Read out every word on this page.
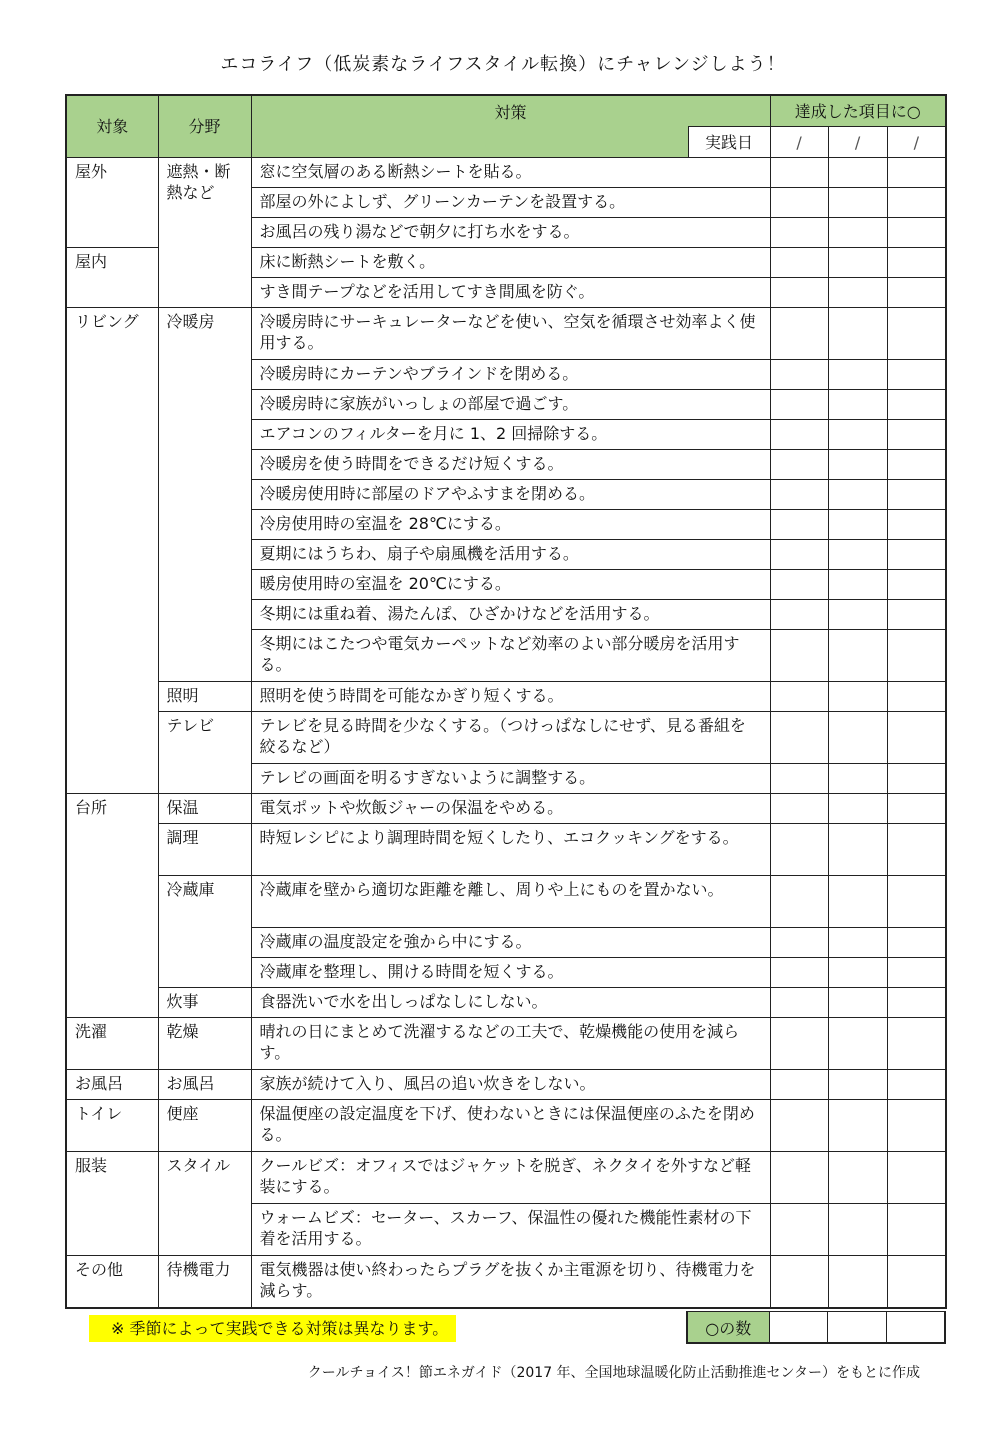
エコライフ（低炭素なライフスタイル転換）にチャレンジしよう！
対象	分野	対策		達成した項目に○		
			実践日	/	/	/
屋外	遮熱・断熱など	窓に空気層のある断熱シートを貼る。				
		部屋の外によしず、グリーンカーテンを設置する。				
		お風呂の残り湯などで朝夕に打ち水をする。				
屋内		床に断熱シートを敷く。				
		すき間テープなどを活用してすき間風を防ぐ。				
リビング	冷暖房	冷暖房時にサーキュレーターなどを使い、空気を循環させ効率よく使用する。				
		冷暖房時にカーテンやブラインドを閉める。				
		冷暖房時に家族がいっしょの部屋で過ごす。				
		エアコンのフィルターを月に 1、2 回掃除する。				
		冷暖房を使う時間をできるだけ短くする。				
		冷暖房使用時に部屋のドアやふすまを閉める。				
		冷房使用時の室温を 28℃にする。				
		夏期にはうちわ、扇子や扇風機を活用する。				
		暖房使用時の室温を 20℃にする。				
		冬期には重ね着、湯たんぽ、ひざかけなどを活用する。				
		冬期にはこたつや電気カーペットなど効率のよい部分暖房を活用する。				
	照明	照明を使う時間を可能なかぎり短くする。				
	テレビ	テレビを見る時間を少なくする。（つけっぱなしにせず、見る番組を絞るなど）				
		テレビの画面を明るすぎないように調整する。				
台所	保温	電気ポットや炊飯ジャーの保温をやめる。				
	調理	時短レシピにより調理時間を短くしたり、エコクッキングをする。				
	冷蔵庫	冷蔵庫を壁から適切な距離を離し、周りや上にものを置かない。				
		冷蔵庫の温度設定を強から中にする。				
		冷蔵庫を整理し、開ける時間を短くする。				
	炊事	食器洗いで水を出しっぱなしにしない。				
洗濯	乾燥	晴れの日にまとめて洗濯するなどの工夫で、乾燥機能の使用を減らす。				
お風呂	お風呂	家族が続けて入り、風呂の追い炊きをしない。				
トイレ	便座	保温便座の設定温度を下げ、使わないときには保温便座のふたを閉める。				
服装	スタイル	クールビズ：オフィスではジャケットを脱ぎ、ネクタイを外すなど軽装にする。				
		ウォームビズ：セーター、スカーフ、保温性の優れた機能性素材の下着を活用する。				
その他	待機電力	電気機器は使い終わったらプラグを抜くか主電源を切り、待機電力を減らす。				
※ 季節によって実践できる対策は異なります。	○の数			
クールチョイス！節エネガイド（2017 年、全国地球温暖化防止活動推進センター）をもとに作成
